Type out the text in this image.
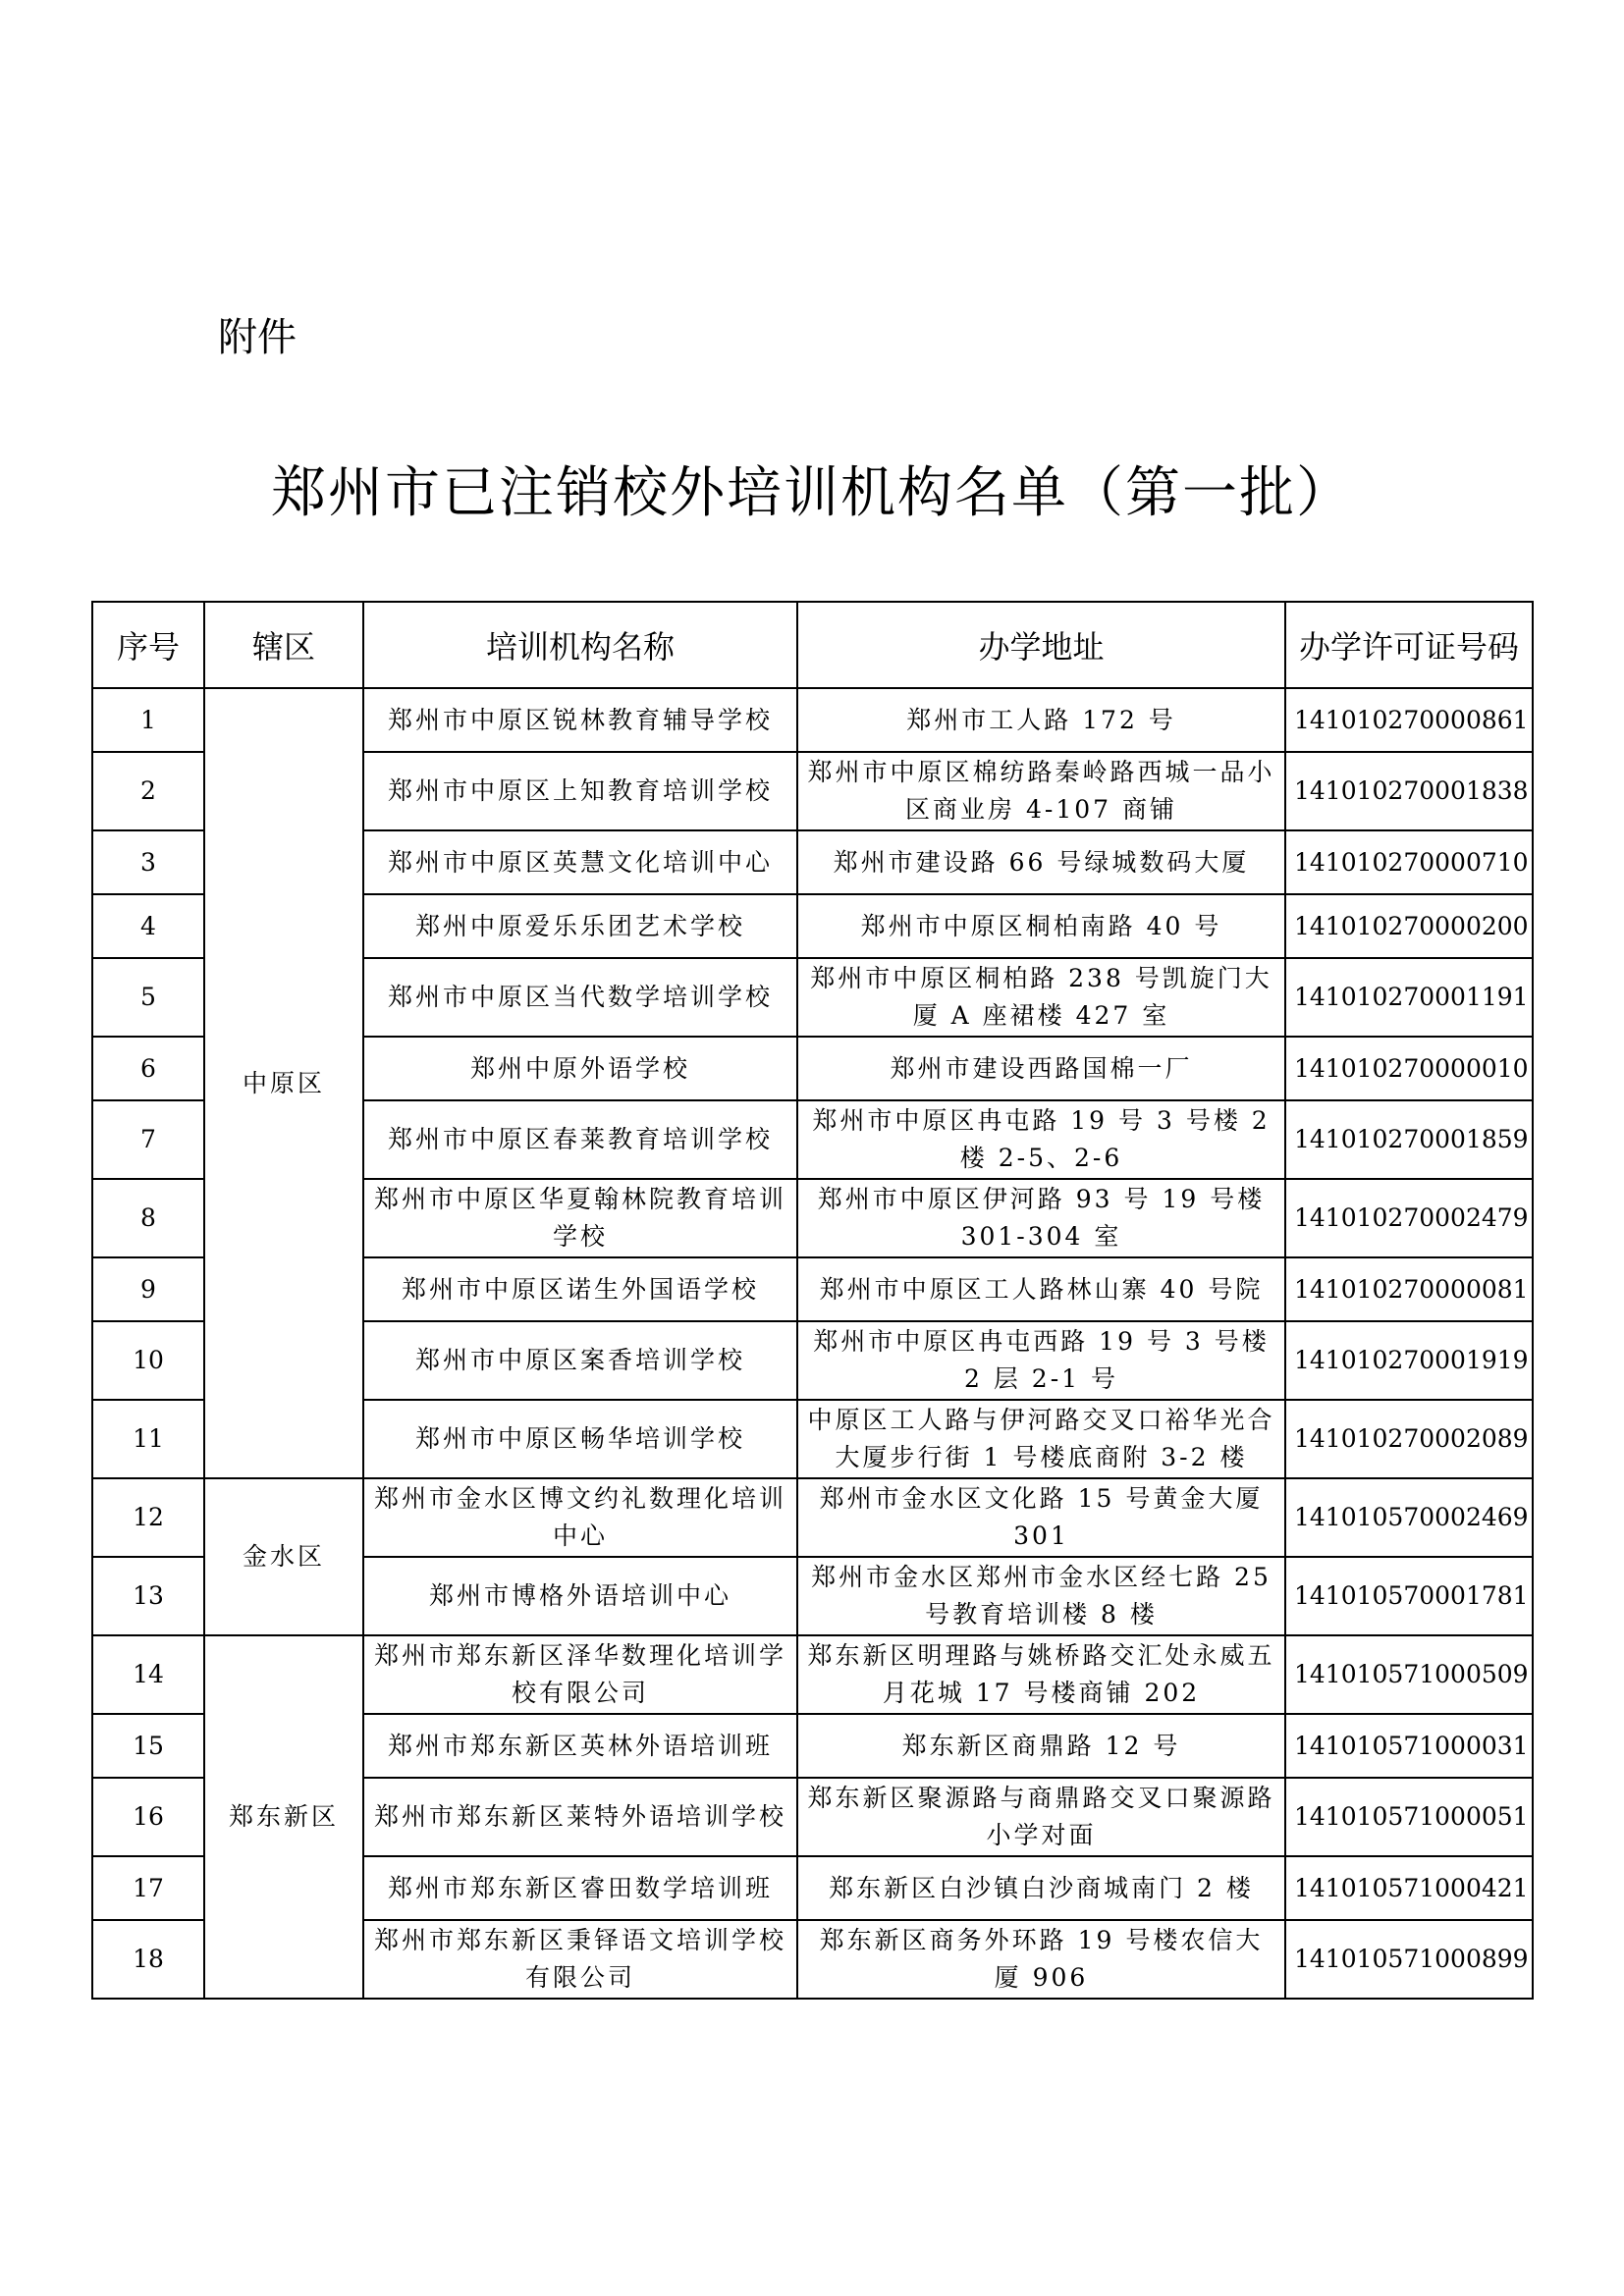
附件
郑州市已注销校外培训机构名单（第一批）
序号	辖区	培训机构名称	办学地址	办学许可证号码
1	中原区	郑州市中原区锐林教育辅导学校	郑州市工人路 172 号	141010270000861
2		郑州市中原区上知教育培训学校	郑州市中原区棉纺路秦岭路西城一品小区商业房 4-107 商铺	141010270001838
3		郑州市中原区英慧文化培训中心	郑州市建设路 66 号绿城数码大厦	141010270000710
4		郑州中原爱乐乐团艺术学校	郑州市中原区桐柏南路 40 号	141010270000200
5		郑州市中原区当代数学培训学校	郑州市中原区桐柏路 238 号凯旋门大厦 A 座裙楼 427 室	141010270001191
6		郑州中原外语学校	郑州市建设西路国棉一厂	141010270000010
7		郑州市中原区春莱教育培训学校	郑州市中原区冉屯路 19 号 3 号楼 2 楼 2-5、2-6	141010270001859
8		郑州市中原区华夏翰林院教育培训学校	郑州市中原区伊河路 93 号 19 号楼 301-304 室	141010270002479
9		郑州市中原区诺生外国语学校	郑州市中原区工人路林山寨 40 号院	141010270000081
10		郑州市中原区案香培训学校	郑州市中原区冉屯西路 19 号 3 号楼 2 层 2-1 号	141010270001919
11		郑州市中原区畅华培训学校	中原区工人路与伊河路交叉口裕华光合大厦步行街 1 号楼底商附 3-2 楼	141010270002089
12	金水区	郑州市金水区博文约礼数理化培训中心	郑州市金水区文化路 15 号黄金大厦 301	141010570002469
13		郑州市博格外语培训中心	郑州市金水区郑州市金水区经七路 25 号教育培训楼 8 楼	141010570001781
14	郑东新区	郑州市郑东新区泽华数理化培训学校有限公司	郑东新区明理路与姚桥路交汇处永威五月花城 17 号楼商铺 202	141010571000509
15		郑州市郑东新区英林外语培训班	郑东新区商鼎路 12 号	141010571000031
16		郑州市郑东新区莱特外语培训学校	郑东新区聚源路与商鼎路交叉口聚源路小学对面	141010571000051
17		郑州市郑东新区睿田数学培训班	郑东新区白沙镇白沙商城南门 2 楼	141010571000421
18		郑州市郑东新区秉铎语文培训学校有限公司	郑东新区商务外环路 19 号楼农信大厦 906	141010571000899
